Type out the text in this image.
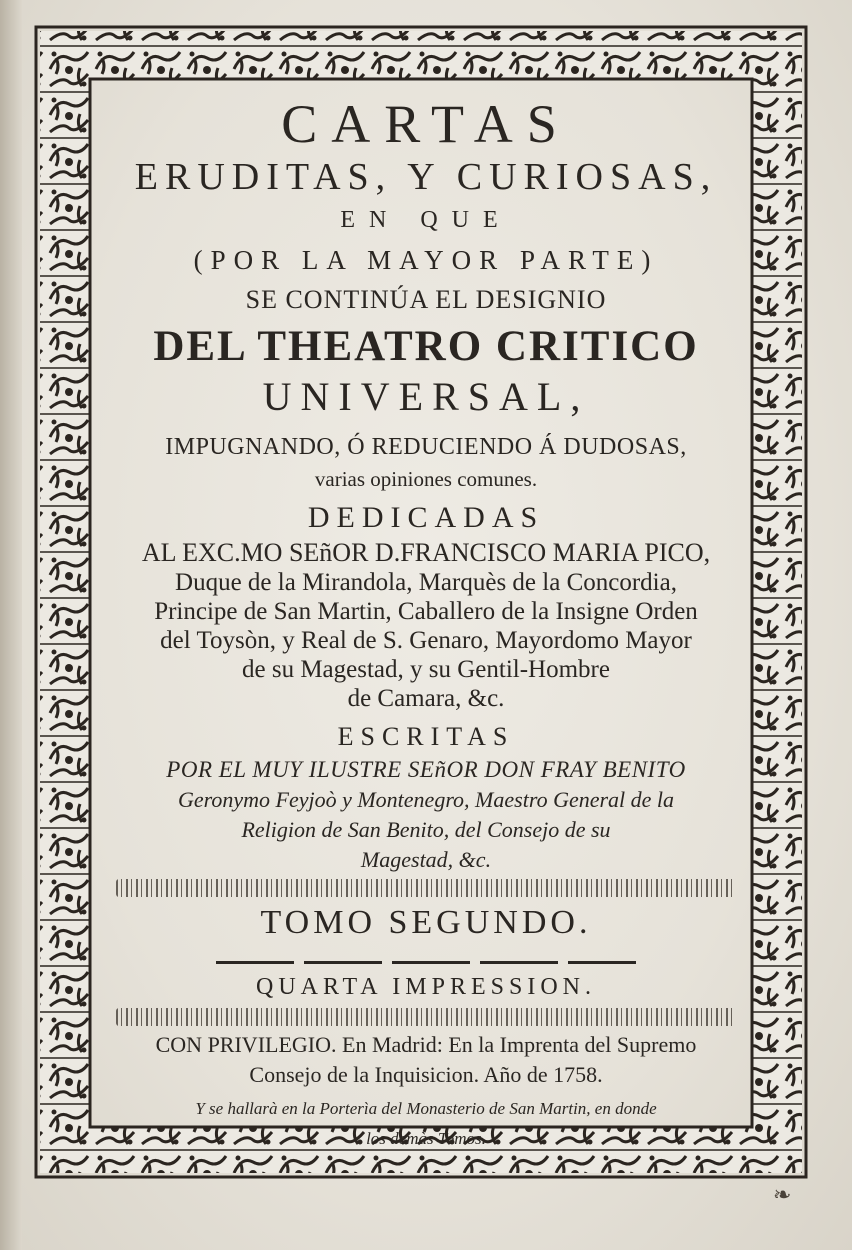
CARTAS
ERUDITAS, Y CURIOSAS,
EN QUE
(POR LA MAYOR PARTE)
SE CONTINÚA EL DESIGNIO
DEL THEATRO CRITICO
UNIVERSAL,
IMPUGNANDO, Ó REDUCIENDO Á DUDOSAS,
varias opiniones comunes.
DEDICADAS
AL EXC.MO SEñOR D.FRANCISCO MARIA PICO,
Duque de la Mirandola, Marquès de la Concordia,
Principe de San Martin, Caballero de la Insigne Orden
del Toysòn, y Real de S. Genaro, Mayordomo Mayor
de su Magestad, y su Gentil-Hombre
de Camara, &c.
ESCRITAS
POR EL MUY ILUSTRE SEñOR DON FRAY BENITO
Geronymo Feyjoò y Montenegro, Maestro General de la
Religion de San Benito, del Consejo de su
Magestad, &c.
TOMO SEGUNDO.
QUARTA IMPRESSION.
CON PRIVILEGIO. En Madrid: En la Imprenta del Supremo
Consejo de la Inquisicion. Año de 1758.
Y se hallarà en la Porterìa del Monasterio de San Martin, en donde
los demàs Tomos.
❧
